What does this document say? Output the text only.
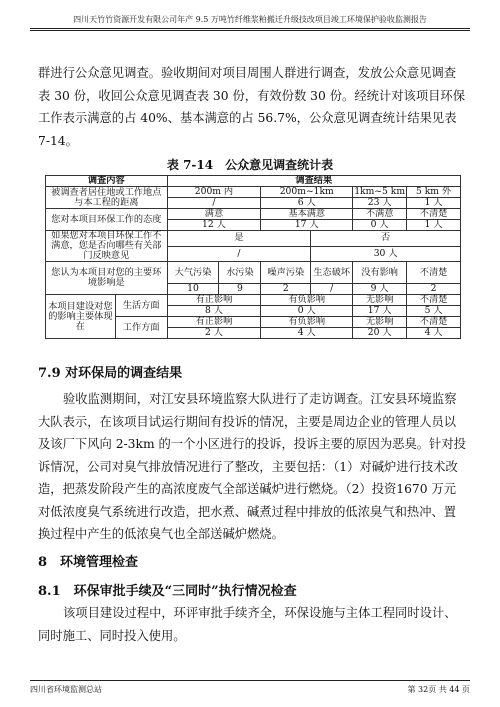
四川天竹竹资源开发有限公司年产 9.5 万吨竹纤维浆粕搬迁升级技改项目竣工环境保护验收监测报告
群进行公众意见调查。验收期间对项目周围人群进行调查，发放公众意见调查表 30 份，收回公众意见调查表 30 份，有效份数 30 份。经统计对该项目环保工作表示满意的占 40%、基本满意的占 56.7%，公众意见调查统计结果见表 7-14。
表 7-14　公众意见调查统计表
调查内容		调查结果					
被调查者居住地或工作地点与本工程的距离		200m 内		200m~1km		1km~5 km	5 km 外
		/		6 人		23 人	1 人
您对本项目环保工作的态度		满意		基本满意		不满意	不清楚
		12 人		17 人		0 人	1 人
如果您对本项目环保工作不满意，您是否向哪些有关部门反映意见		是			否		
		/			30 人		
您认为本项目对您的主要环境影响是		大气污染	水污染	噪声污染	生态破坏	没有影响	不清楚
		10	9	2	/	9 人	2
本项目建设对您的影响主要体现在	生活方面	有正影响		有负影响		无影响	不清楚
		8 人		0 人		17 人	5 人
	工作方面	有正影响		有负影响		无影响	不清楚
		2 人		4 人		20 人	4 人
7.9 对环保局的调查结果
验收监测期间，对江安县环境监察大队进行了走访调查。江安县环境监察大队表示，在该项目试运行期间有投诉的情况，主要是周边企业的管理人员以及该厂下风向 2-3km 的一个小区进行的投诉，投诉主要的原因为恶臭。针对投诉情况，公司对臭气排放情况进行了整改，主要包括：（1）对碱炉进行技术改造，把蒸发阶段产生的高浓度废气全部送碱炉进行燃烧。（2）投资1670 万元对低浓度臭气系统进行改造，把水煮、碱煮过程中排放的低浓臭气和热冲、置换过程中产生的低浓臭气也全部送碱炉燃烧。
8　环境管理检查
8.1　环保审批手续及“三同时”执行情况检查
该项目建设过程中，环评审批手续齐全，环保设施与主体工程同时设计、同时施工、同时投入使用。
四川省环境监测总站	第 32页 共 44 页
